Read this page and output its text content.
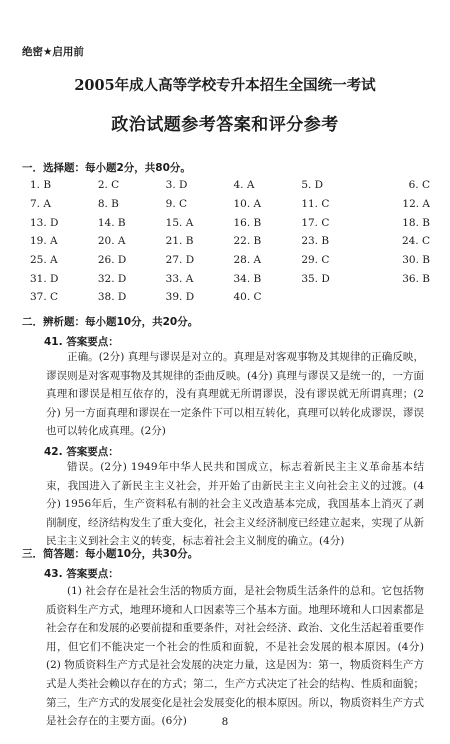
绝密★启用前
2005年成人高等学校专升本招生全国统一考试
政治试题参考答案和评分参考
一．选择题：每小题2分，共80分。
1. B	2. C	3. D	4. A	5. D	6. C
7. A	8. B	9. C	10. A	11. C	12. A
13. D	14. B	15. A	16. B	17. C	18. B
19. A	20. A	21. B	22. B	23. B	24. C
25. A	26. D	27. D	28. A	29. C	30. B
31. D	32. D	33. A	34. B	35. D	36. B
37. C	38. D	39. D	40. C
二．辨析题：每小题10分，共20分。
41. 答案要点：
正确。(2分) 真理与谬误是对立的。真理是对客观事物及其规律的正确反映，谬误则是对客观事物及其规律的歪曲反映。(4分) 真理与谬误又是统一的，一方面真理和谬误是相互依存的，没有真理就无所谓谬误，没有谬误就无所谓真理；(2分) 另一方面真理和谬误在一定条件下可以相互转化，真理可以转化成谬误，谬误也可以转化成真理。(2分)
42. 答案要点：
错误。(2分) 1949年中华人民共和国成立，标志着新民主主义革命基本结束，我国进入了新民主主义社会，并开始了由新民主主义向社会主义的过渡。(4分) 1956年后，生产资料私有制的社会主义改造基本完成，我国基本上消灭了剥削制度，经济结构发生了重大变化，社会主义经济制度已经建立起来，实现了从新民主主义到社会主义的转变，标志着社会主义制度的确立。(4分)
三．简答题：每小题10分，共30分。
43. 答案要点：
(1) 社会存在是社会生活的物质方面，是社会物质生活条件的总和。它包括物质资料生产方式，地理环境和人口因素等三个基本方面。地理环境和人口因素都是社会存在和发展的必要前提和重要条件，对社会经济、政治、文化生活起着重要作用，但它们不能决定一个社会的性质和面貌，不是社会发展的根本原因。(4分) (2) 物质资料生产方式是社会发展的决定力量，这是因为：第一，物质资料生产方式是人类社会赖以存在的方式；第二，生产方式决定了社会的结构、性质和面貌；第三，生产方式的发展变化是社会发展变化的根本原因。所以，物质资料生产方式是社会存在的主要方面。(6分)	8
